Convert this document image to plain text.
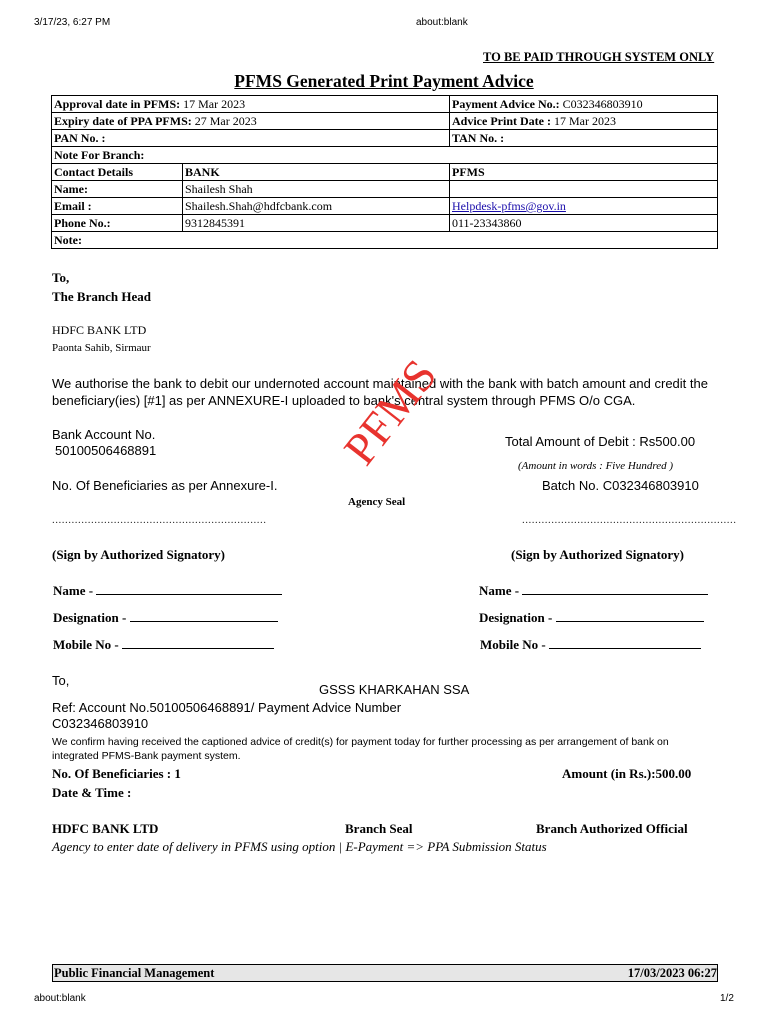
3/17/23, 6:27 PM	about:blank
TO BE PAID THROUGH SYSTEM ONLY
PFMS Generated Print Payment Advice
Approval date in PFMS: 17 Mar 2023		Payment Advice No.: C032346803910
Expiry date of PPA PFMS: 27 Mar 2023		Advice Print Date : 17 Mar 2023
PAN No. :		TAN No. :
Note For Branch:		
Contact Details	BANK	PFMS
Name:	Shailesh Shah	
Email :	Shailesh.Shah@hdfcbank.com	Helpdesk-pfms@gov.in
Phone No.:	9312845391	011-23343860
Note:		
To,
The Branch Head
HDFC BANK LTD
Paonta Sahib, Sirmaur
We authorise the bank to debit our undernoted account maintained with the bank with batch amount and credit the beneficiary(ies) [#1] as per ANNEXURE-I uploaded to bank's central system through PFMS O/o CGA.
Bank Account No.
50100506468891
Total Amount of Debit : Rs500.00
(Amount in words : Five Hundred )
No. Of Beneficiaries as per Annexure-I.	Batch No. C032346803910
Agency Seal
PFMS
..................................................................	..................................................................
(Sign by Authorized Signatory)	(Sign by Authorized Signatory)
Name -	Name -
Designation -	Designation -
Mobile No -	Mobile No -
To,
GSSS KHARKAHAN SSA
Ref: Account No.50100506468891/ Payment Advice Number
C032346803910
We confirm having received the captioned advice of credit(s) for payment today for further processing as per arrangement of bank on integrated PFMS-Bank payment system.
No. Of Beneficiaries : 1	Amount (in Rs.):500.00
Date & Time :
HDFC BANK LTD	Branch Seal	Branch Authorized Official
Agency to enter date of delivery in PFMS using option | E-Payment => PPA Submission Status
Public Financial Management	17/03/2023 06:27
about:blank	1/2
